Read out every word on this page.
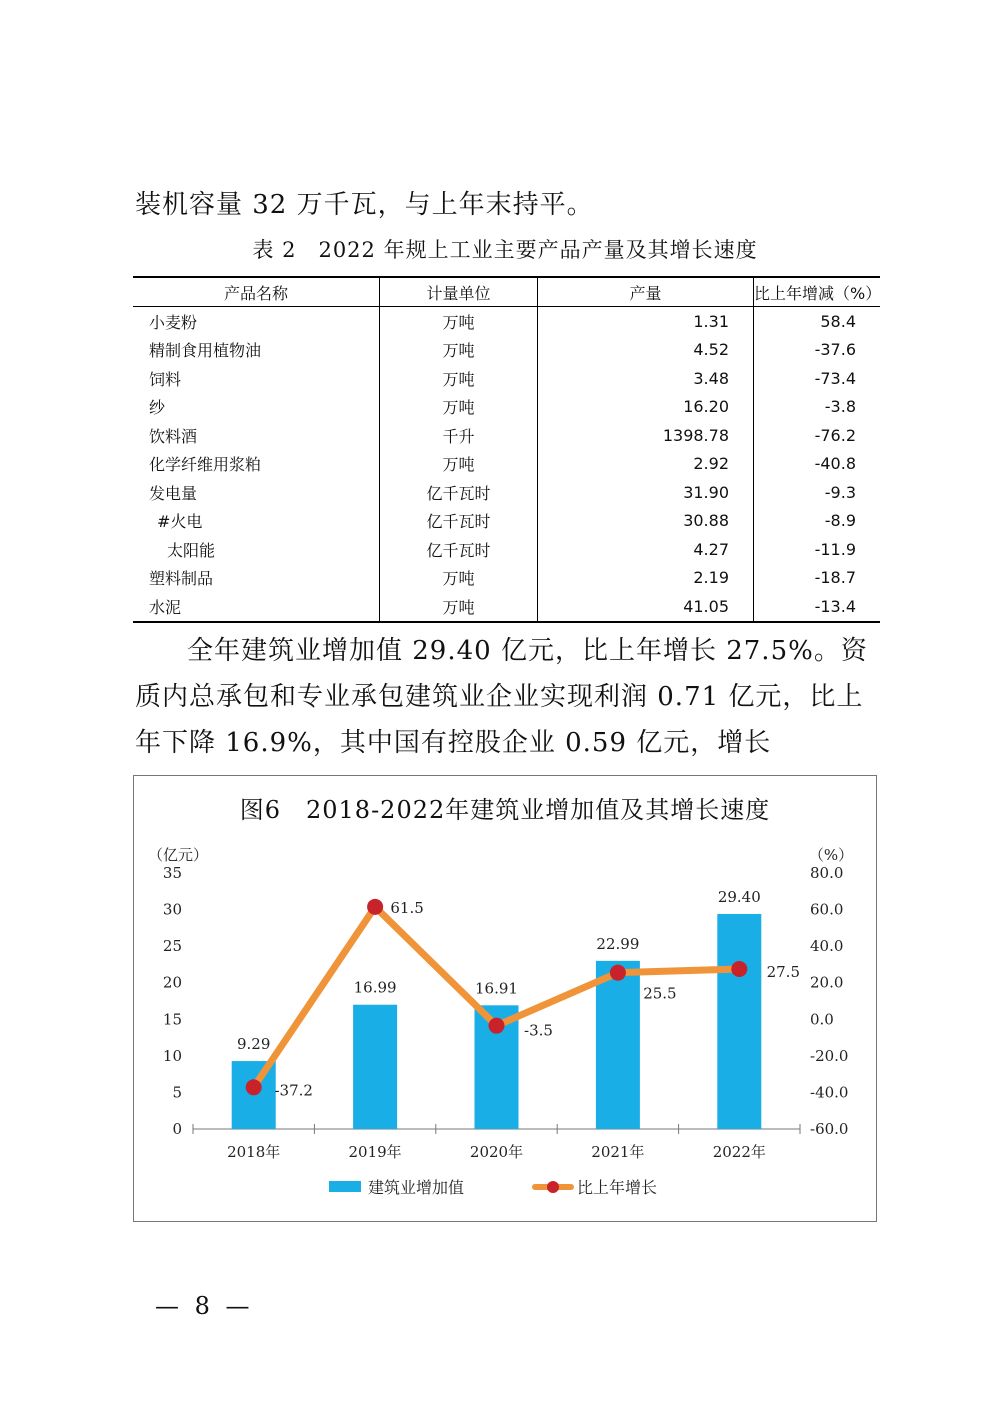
装机容量 32 万千瓦，与上年末持平。

表 2　2022 年规上工业主要产品产量及其增长速度
产品名称	计量单位	产量	比上年增减（%）
小麦粉	万吨	1.31	58.4
精制食用植物油	万吨	4.52	-37.6
饲料	万吨	3.48	-73.4
纱	万吨	16.20	-3.8
饮料酒	千升	1398.78	-76.2
化学纤维用浆粕	万吨	2.92	-40.8
发电量	亿千瓦时	31.90	-9.3
#火电	亿千瓦时	30.88	-8.9
太阳能	亿千瓦时	4.27	-11.9
塑料制品	万吨	2.19	-18.7
水泥	万吨	41.05	-13.4

全年建筑业增加值 29.40 亿元，比上年增长 27.5%。资质内总承包和专业承包建筑业企业实现利润 0.71 亿元，比上年下降 16.9%，其中国有控股企业 0.59 亿元，增长

图6　2018-2022年建筑业增加值及其增长速度
（亿元）	（%）
0
5
10
15
20
25
30
35
-60.0
-40.0
-20.0
0.0
20.0
40.0
60.0
80.0
9.29
16.99	16.91
22.99
29.40
-37.2
61.5
-3.5
25.5
27.5
2018年	2019年	2020年	2021年	2022年
建筑业增加值	比上年增长
— 8 —
